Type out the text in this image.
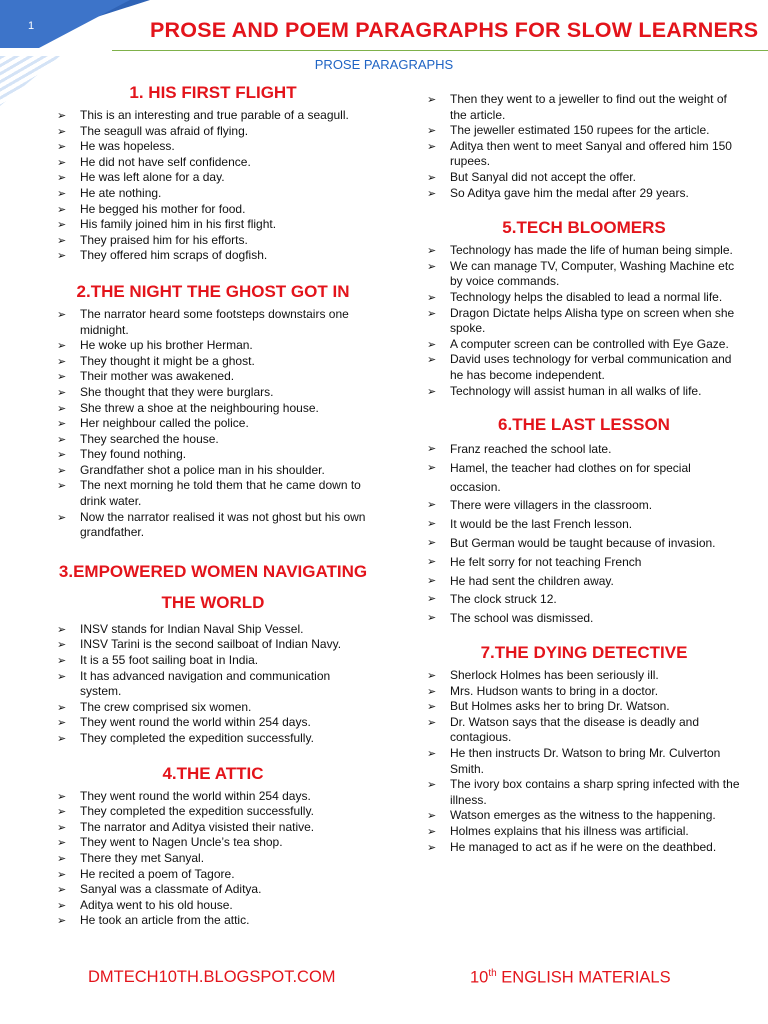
1	PROSE AND POEM PARAGRAPHS FOR SLOW LEARNERS
PROSE PARAGRAPHS
1. HIS FIRST FLIGHT
➢ This is an interesting and true parable of a seagull.
➢ The seagull was afraid of flying.
➢ He was hopeless.
➢ He did not have self confidence.
➢ He was left alone for a day.
➢ He ate nothing.
➢ He begged his mother for food.
➢ His family joined him in his first flight.
➢ They praised him for his efforts.
➢ They offered him scraps of dogfish.
2.THE NIGHT THE GHOST GOT IN
➢ The narrator heard some footsteps downstairs one midnight.
➢ He woke up his brother Herman.
➢ They thought it might be a ghost.
➢ Their mother was awakened.
➢ She thought that they were burglars.
➢ She threw a shoe at the neighbouring house.
➢ Her neighbour called the police.
➢ They searched the house.
➢ They found nothing.
➢ Grandfather shot a police man in his shoulder.
➢ The next morning he told them that he came down to drink water.
➢ Now the narrator realised it was not ghost but his own grandfather.
3.EMPOWERED WOMEN NAVIGATING THE WORLD
➢ INSV stands for Indian Naval Ship Vessel.
➢ INSV Tarini is the second sailboat of Indian Navy.
➢ It is a 55 foot sailing boat in India.
➢ It has advanced navigation and communication system.
➢ The crew comprised six women.
➢ They went round the world within 254 days.
➢ They completed the expedition successfully.
4.THE ATTIC
➢ They went round the world within 254 days.
➢ They completed the expedition successfully.
➢ The narrator and Aditya visisted their native.
➢ They went to Nagen Uncle’s tea shop.
➢ There they met Sanyal.
➢ He recited a poem of Tagore.
➢ Sanyal was a classmate of Aditya.
➢ Aditya went to his old house.
➢ He took an article from the attic.
➢ Then they went to a jeweller to find out the weight of the article.
➢ The jeweller estimated 150 rupees for the article.
➢ Aditya then went to meet Sanyal and offered him 150 rupees.
➢ But Sanyal did not accept the offer.
➢ So Aditya gave him the medal after 29 years.
5.TECH BLOOMERS
➢ Technology has made the life of human being simple.
➢ We can manage TV, Computer, Washing Machine etc by voice commands.
➢ Technology helps the disabled to lead a normal life.
➢ Dragon Dictate helps Alisha type on screen when she spoke.
➢ A computer screen can be controlled with Eye Gaze.
➢ David uses technology for verbal communication and he has become independent.
➢ Technology will assist human in all walks of life.
6.THE LAST LESSON
➢ Franz reached the school late.
➢ Hamel, the teacher had clothes on for special occasion.
➢ There were villagers in the classroom.
➢ It would be the last French lesson.
➢ But German would be taught because of invasion.
➢ He felt sorry for not teaching French
➢ He had sent the children away.
➢ The clock struck 12.
➢ The school was dismissed.
7.THE DYING DETECTIVE
➢ Sherlock Holmes has been seriously ill.
➢ Mrs. Hudson wants to bring in a doctor.
➢ But Holmes asks her to bring Dr. Watson.
➢ Dr. Watson says that the disease is deadly and contagious.
➢ He then instructs Dr. Watson to bring Mr. Culverton Smith.
➢ The ivory box contains a sharp spring infected with the illness.
➢ Watson emerges as the witness to the happening.
➢ Holmes explains that his illness was artificial.
➢ He managed to act as if he were on the deathbed.
DMTECH10TH.BLOGSPOT.COM	10th ENGLISH MATERIALS
